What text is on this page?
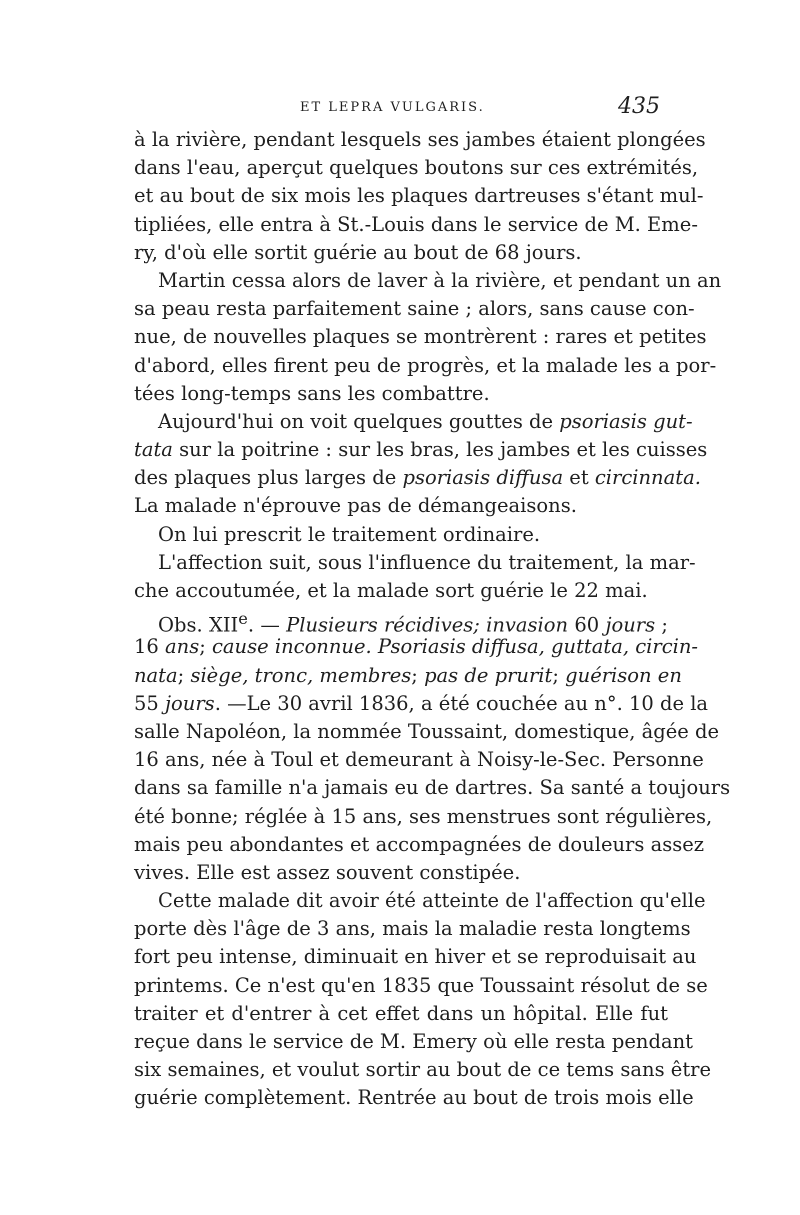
ET LEPRA VULGARIS.	435
à la rivière, pendant lesquels ses jambes étaient plongées
dans l'eau, aperçut quelques boutons sur ces extrémités,
et au bout de six mois les plaques dartreuses s'étant mul-
tipliées, elle entra à St.-Louis dans le service de M. Eme-
ry, d'où elle sortit guérie au bout de 68 jours.
Martin cessa alors de laver à la rivière, et pendant un an
sa peau resta parfaitement saine ; alors, sans cause con-
nue, de nouvelles plaques se montrèrent : rares et petites
d'abord, elles firent peu de progrès, et la malade les a por-
tées long-temps sans les combattre.
Aujourd'hui on voit quelques gouttes de psoriasis gut-
tata sur la poitrine : sur les bras, les jambes et les cuisses
des plaques plus larges de psoriasis diffusa et circinnata.
La malade n'éprouve pas de démangeaisons.
On lui prescrit le traitement ordinaire.
L'affection suit, sous l'influence du traitement, la mar-
che accoutumée, et la malade sort guérie le 22 mai.
Obs. XIIe. — Plusieurs récidives; invasion 60 jours ;
16 ans; cause inconnue. Psoriasis diffusa, guttata, circin-
nata; siège, tronc, membres; pas de prurit; guérison en
55 jours. —Le 30 avril 1836, a été couchée au n°. 10 de la
salle Napoléon, la nommée Toussaint, domestique, âgée de
16 ans, née à Toul et demeurant à Noisy-le-Sec. Personne
dans sa famille n'a jamais eu de dartres. Sa santé a toujours
été bonne; réglée à 15 ans, ses menstrues sont régulières,
mais peu abondantes et accompagnées de douleurs assez
vives. Elle est assez souvent constipée.
Cette malade dit avoir été atteinte de l'affection qu'elle
porte dès l'âge de 3 ans, mais la maladie resta longtems
fort peu intense, diminuait en hiver et se reproduisait au
printems. Ce n'est qu'en 1835 que Toussaint résolut de se
traiter et d'entrer à cet effet dans un hôpital. Elle fut
reçue dans le service de M. Emery où elle resta pendant
six semaines, et voulut sortir au bout de ce tems sans être
guérie complètement. Rentrée au bout de trois mois elle
